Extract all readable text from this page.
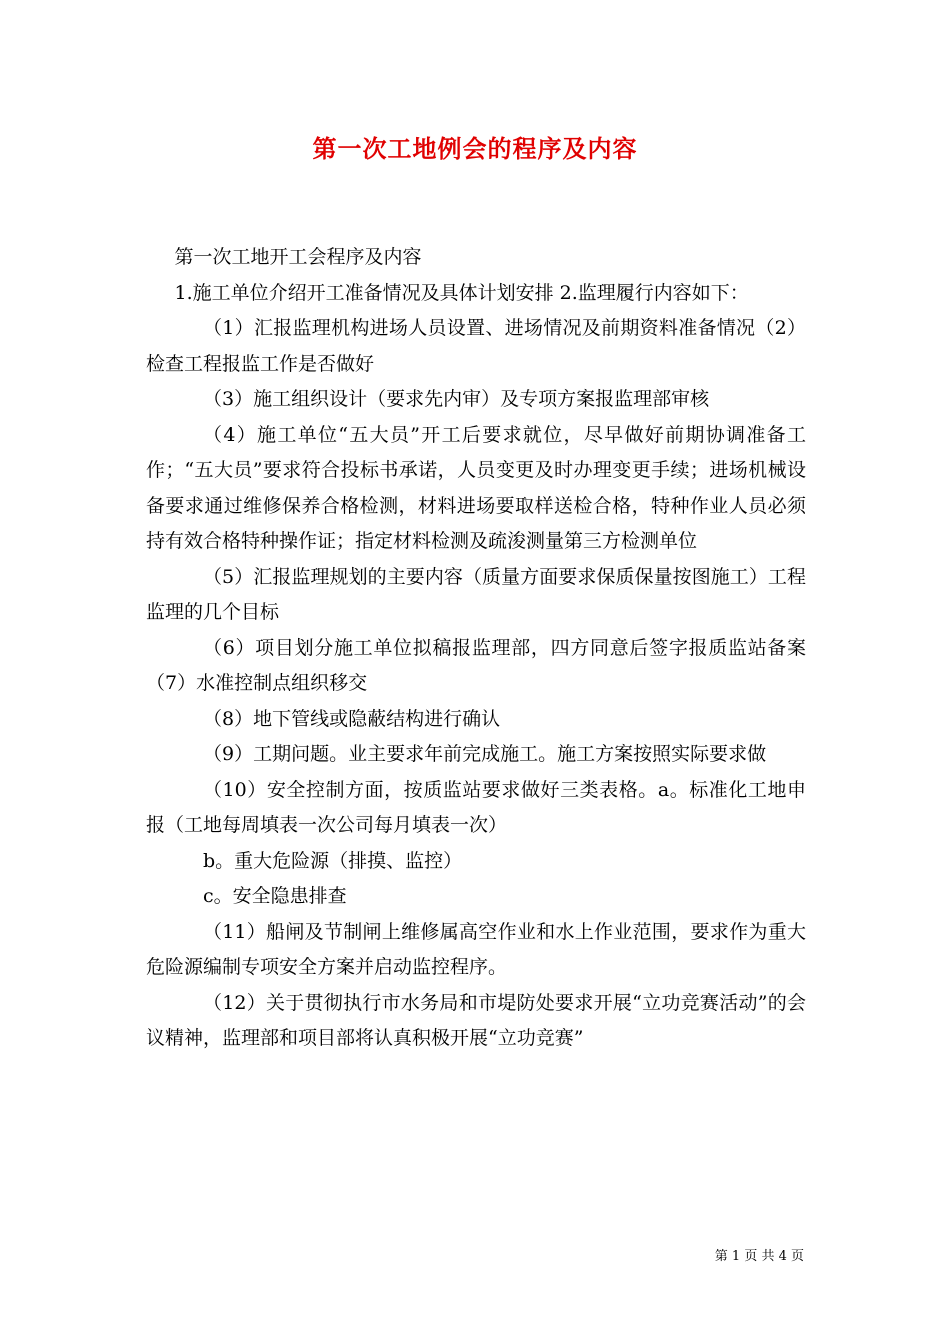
第一次工地例会的程序及内容

第一次工地开工会程序及内容

1.施工单位介绍开工准备情况及具体计划安排 2.监理履行内容如下：

（1）汇报监理机构进场人员设置、进场情况及前期资料准备情况（2）检查工程报监工作是否做好

（3）施工组织设计（要求先内审）及专项方案报监理部审核

（4）施工单位“五大员”开工后要求就位，尽早做好前期协调准备工作；“五大员”要求符合投标书承诺，人员变更及时办理变更手续；进场机械设备要求通过维修保养合格检测，材料进场要取样送检合格，特种作业人员必须持有效合格特种操作证；指定材料检测及疏浚测量第三方检测单位

（5）汇报监理规划的主要内容（质量方面要求保质保量按图施工）工程监理的几个目标

（6）项目划分施工单位拟稿报监理部，四方同意后签字报质监站备案（7）水准控制点组织移交

（8）地下管线或隐蔽结构进行确认

（9）工期问题。业主要求年前完成施工。施工方案按照实际要求做

（10）安全控制方面，按质监站要求做好三类表格。a。标准化工地申报（工地每周填表一次公司每月填表一次）

b。重大危险源（排摸、监控）

c。安全隐患排查

（11）船闸及节制闸上维修属高空作业和水上作业范围，要求作为重大危险源编制专项安全方案并启动监控程序。

（12）关于贯彻执行市水务局和市堤防处要求开展“立功竞赛活动”的会议精神，监理部和项目部将认真积极开展“立功竞赛”

第 1 页 共 4 页
